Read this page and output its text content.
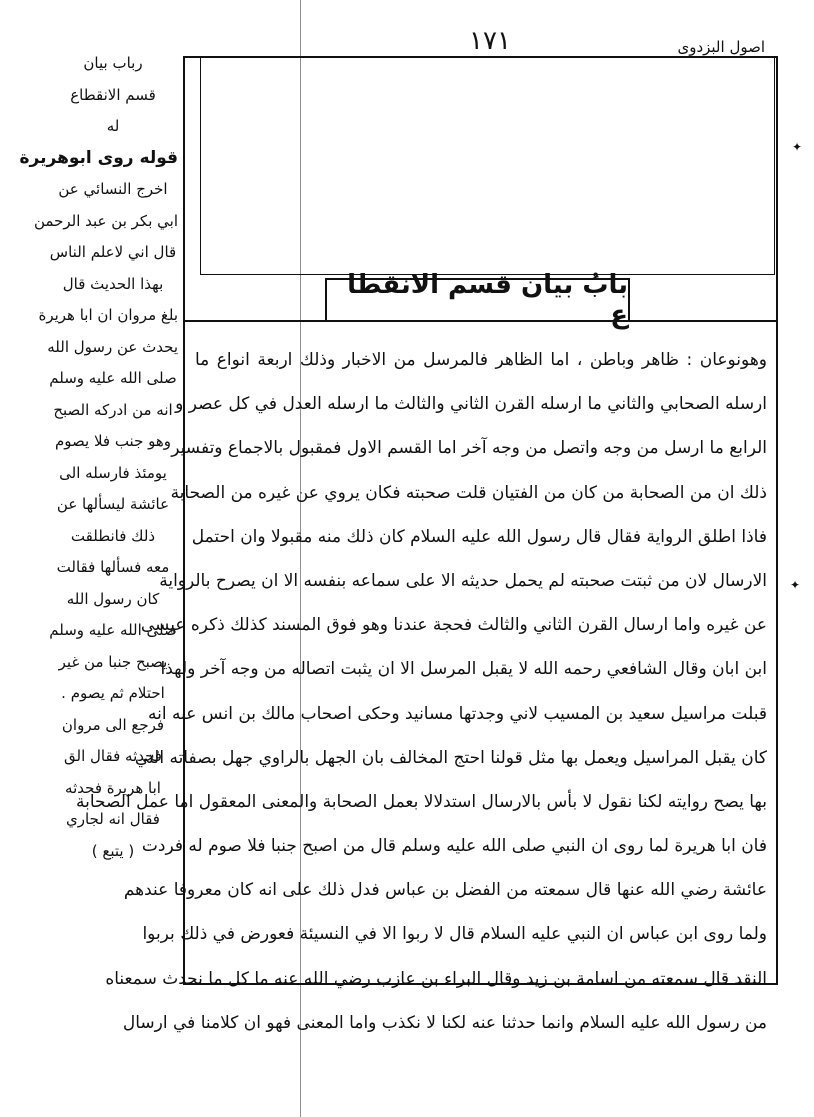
١٧١	اصول البزدوی
بابُ بيان قسم الانقطا ع
وهونوعان : ظاهر وباطن ، اما الظاهر فالمرسل من الاخبار وذلك اربعة انواع ما
ارسله الصحابي والثاني ما ارسله القرن الثاني والثالث ما ارسله العدل في كل عصر و
الرابع ما ارسل من وجه واتصل من وجه آخر اما القسم الاول فمقبول بالاجماع وتفسير
ذلك ان من الصحابة من كان من الفتيان قلت صحبته فكان يروي عن غيره من الصحابة
فاذا اطلق الرواية فقال قال رسول الله عليه السلام كان ذلك منه مقبولا وان احتمل
الارسال لان من ثبتت صحبته لم يحمل حديثه الا على سماعه بنفسه الا ان يصرح بالرواية
عن غيره واما ارسال القرن الثاني والثالث فحجة عندنا وهو فوق المسند كذلك ذكره عيسى
ابن ابان وقال الشافعي رحمه الله لا يقبل المرسل الا ان يثبت اتصاله من وجه آخر ولهذا
قبلت مراسيل سعيد بن المسيب لاني وجدتها مسانيد وحكى اصحاب مالك بن انس عنه انه
كان يقبل المراسيل ويعمل بها مثل قولنا احتج المخالف بان الجهل بالراوي جهل بصفاته التي
بها يصح روايته لكنا نقول لا بأس بالارسال استدلالا بعمل الصحابة والمعنى المعقول اما عمل الصحابة
فان ابا هريرة لما روى ان النبي صلى الله عليه وسلم قال من اصبح جنبا فلا صوم له فردت
عائشة رضي الله عنها قال سمعته من الفضل بن عباس فدل ذلك على انه كان معروفا عندهم
ولما روى ابن عباس ان النبي عليه السلام قال لا ربوا الا في النسيئة فعورض في ذلك بربوا
النقد قال سمعته من اسامة بن زيد وقال البراء بن عازب رضي الله عنه ما كل ما نحدث سمعناه
من رسول الله عليه السلام وانما حدثنا عنه لكنا لا نكذب واما المعنى فهو ان كلامنا في ارسال
رباب بيان
قسم الانقطاع
له
قوله روى ابوهريرة
اخرج النسائي عن
ابي بكر بن عبد الرحمن
قال اني لاعلم الناس
بهذا الحديث قال
بلغ مروان ان ابا هريرة
يحدث عن رسول الله
صلى الله عليه وسلم
انه من ادركه الصبح
وهو جنب فلا يصوم
يومئذ فارسله الى
عائشة ليسألها عن
ذلك فانطلقت
معه فسألها فقالت
كان رسول الله
صلى الله عليه وسلم
يصبح جنبا من غير
احتلام ثم يصوم .
فرجع الى مروان
فحدثه فقال الق
ابا هريرة فحدثه
فقال انه لجاري
( يتبع )
✦
✦
